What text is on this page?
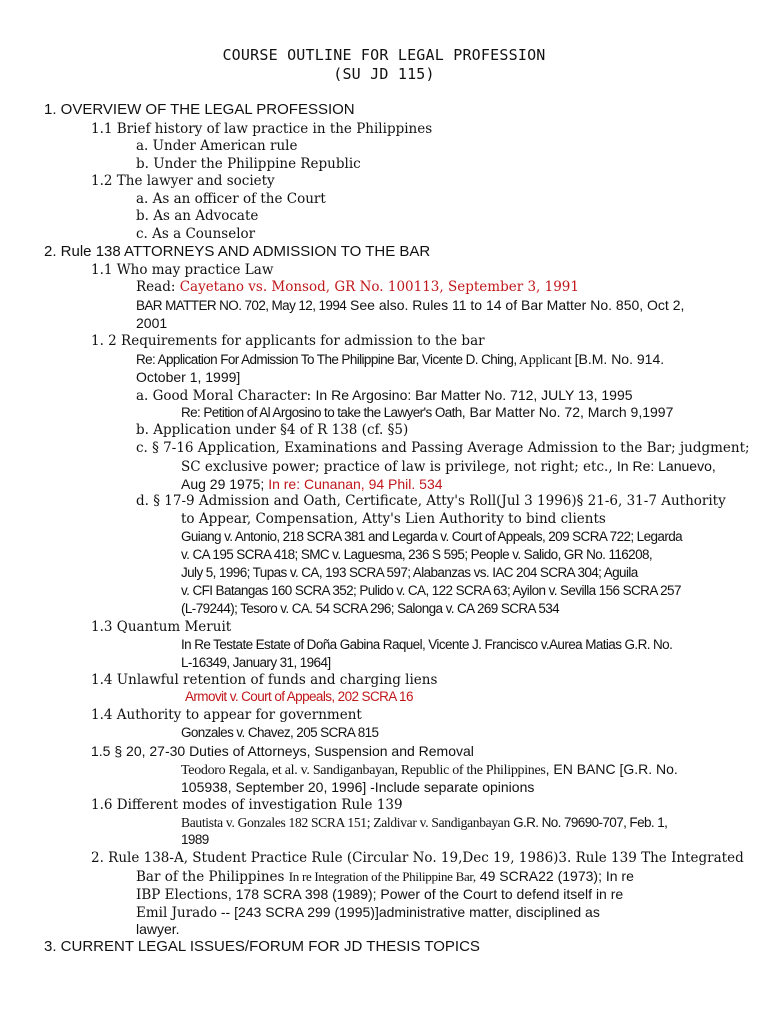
COURSE OUTLINE FOR LEGAL PROFESSION
(SU JD 115)
1. OVERVIEW OF THE LEGAL PROFESSION
1.1 Brief history of law practice in the Philippines
a. Under American rule
b. Under the Philippine Republic
1.2 The lawyer and society
a. As an officer of the Court
b. As an Advocate
c. As a Counselor
2. Rule 138 ATTORNEYS AND ADMISSION TO THE BAR
1.1 Who may practice Law
Read: Cayetano vs. Monsod, GR No. 100113, September 3, 1991
BAR MATTER NO. 702, May 12, 1994 See also. Rules 11 to 14 of Bar Matter No. 850, Oct 2,
2001
1. 2 Requirements for applicants for admission to the bar
Re: Application For Admission To The Philippine Bar, Vicente D. Ching, Applicant [B.M. No. 914.
October 1, 1999]
a. Good Moral Character: In Re Argosino: Bar Matter No. 712, JULY 13, 1995
Re: Petition of Al Argosino to take the Lawyer's Oath, Bar Matter No. 72, March 9,1997
b. Application under §4 of R 138 (cf. §5)
c. § 7-16 Application, Examinations and Passing Average Admission to the Bar; judgment;
SC exclusive power; practice of law is privilege, not right; etc., In Re: Lanuevo,
Aug 29 1975; In re: Cunanan, 94 Phil. 534
d. § 17-9 Admission and Oath, Certificate, Atty's Roll(Jul 3 1996)§ 21-6, 31-7 Authority
to Appear, Compensation, Atty's Lien Authority to bind clients
Guiang v. Antonio, 218 SCRA 381 and Legarda v. Court of Appeals, 209 SCRA 722; Legarda
v. CA 195 SCRA 418; SMC v. Laguesma, 236 S 595; People v. Salido, GR No. 116208,
July 5, 1996; Tupas v. CA, 193 SCRA 597; Alabanzas vs. IAC 204 SCRA 304; Aguila
v. CFI Batangas 160 SCRA 352; Pulido v. CA, 122 SCRA 63; Ayilon v. Sevilla 156 SCRA 257
(L-79244); Tesoro v. CA. 54 SCRA 296; Salonga v. CA 269 SCRA 534
1.3 Quantum Meruit
In Re Testate Estate of Doña Gabina Raquel, Vicente J. Francisco v.Aurea Matias G.R. No.
L-16349, January 31, 1964]
1.4 Unlawful retention of funds and charging liens
Armovit v. Court of Appeals, 202 SCRA 16
1.4 Authority to appear for government
Gonzales v. Chavez, 205 SCRA 815
1.5 § 20, 27-30 Duties of Attorneys, Suspension and Removal
Teodoro Regala, et al. v. Sandiganbayan, Republic of the Philippines, EN BANC [G.R. No.
105938, September 20, 1996] -Include separate opinions
1.6 Different modes of investigation Rule 139
Bautista v. Gonzales 182 SCRA 151; Zaldivar v. Sandiganbayan G.R. No. 79690-707, Feb. 1,
1989
2. Rule 138-A, Student Practice Rule (Circular No. 19,Dec 19, 1986)3. Rule 139 The Integrated
Bar of the Philippines In re Integration of the Philippine Bar, 49 SCRA22 (1973); In re
IBP Elections, 178 SCRA 398 (1989); Power of the Court to defend itself in re
Emil Jurado -- [243 SCRA 299 (1995)]administrative matter, disciplined as
lawyer.
3. CURRENT LEGAL ISSUES/FORUM FOR JD THESIS TOPICS
